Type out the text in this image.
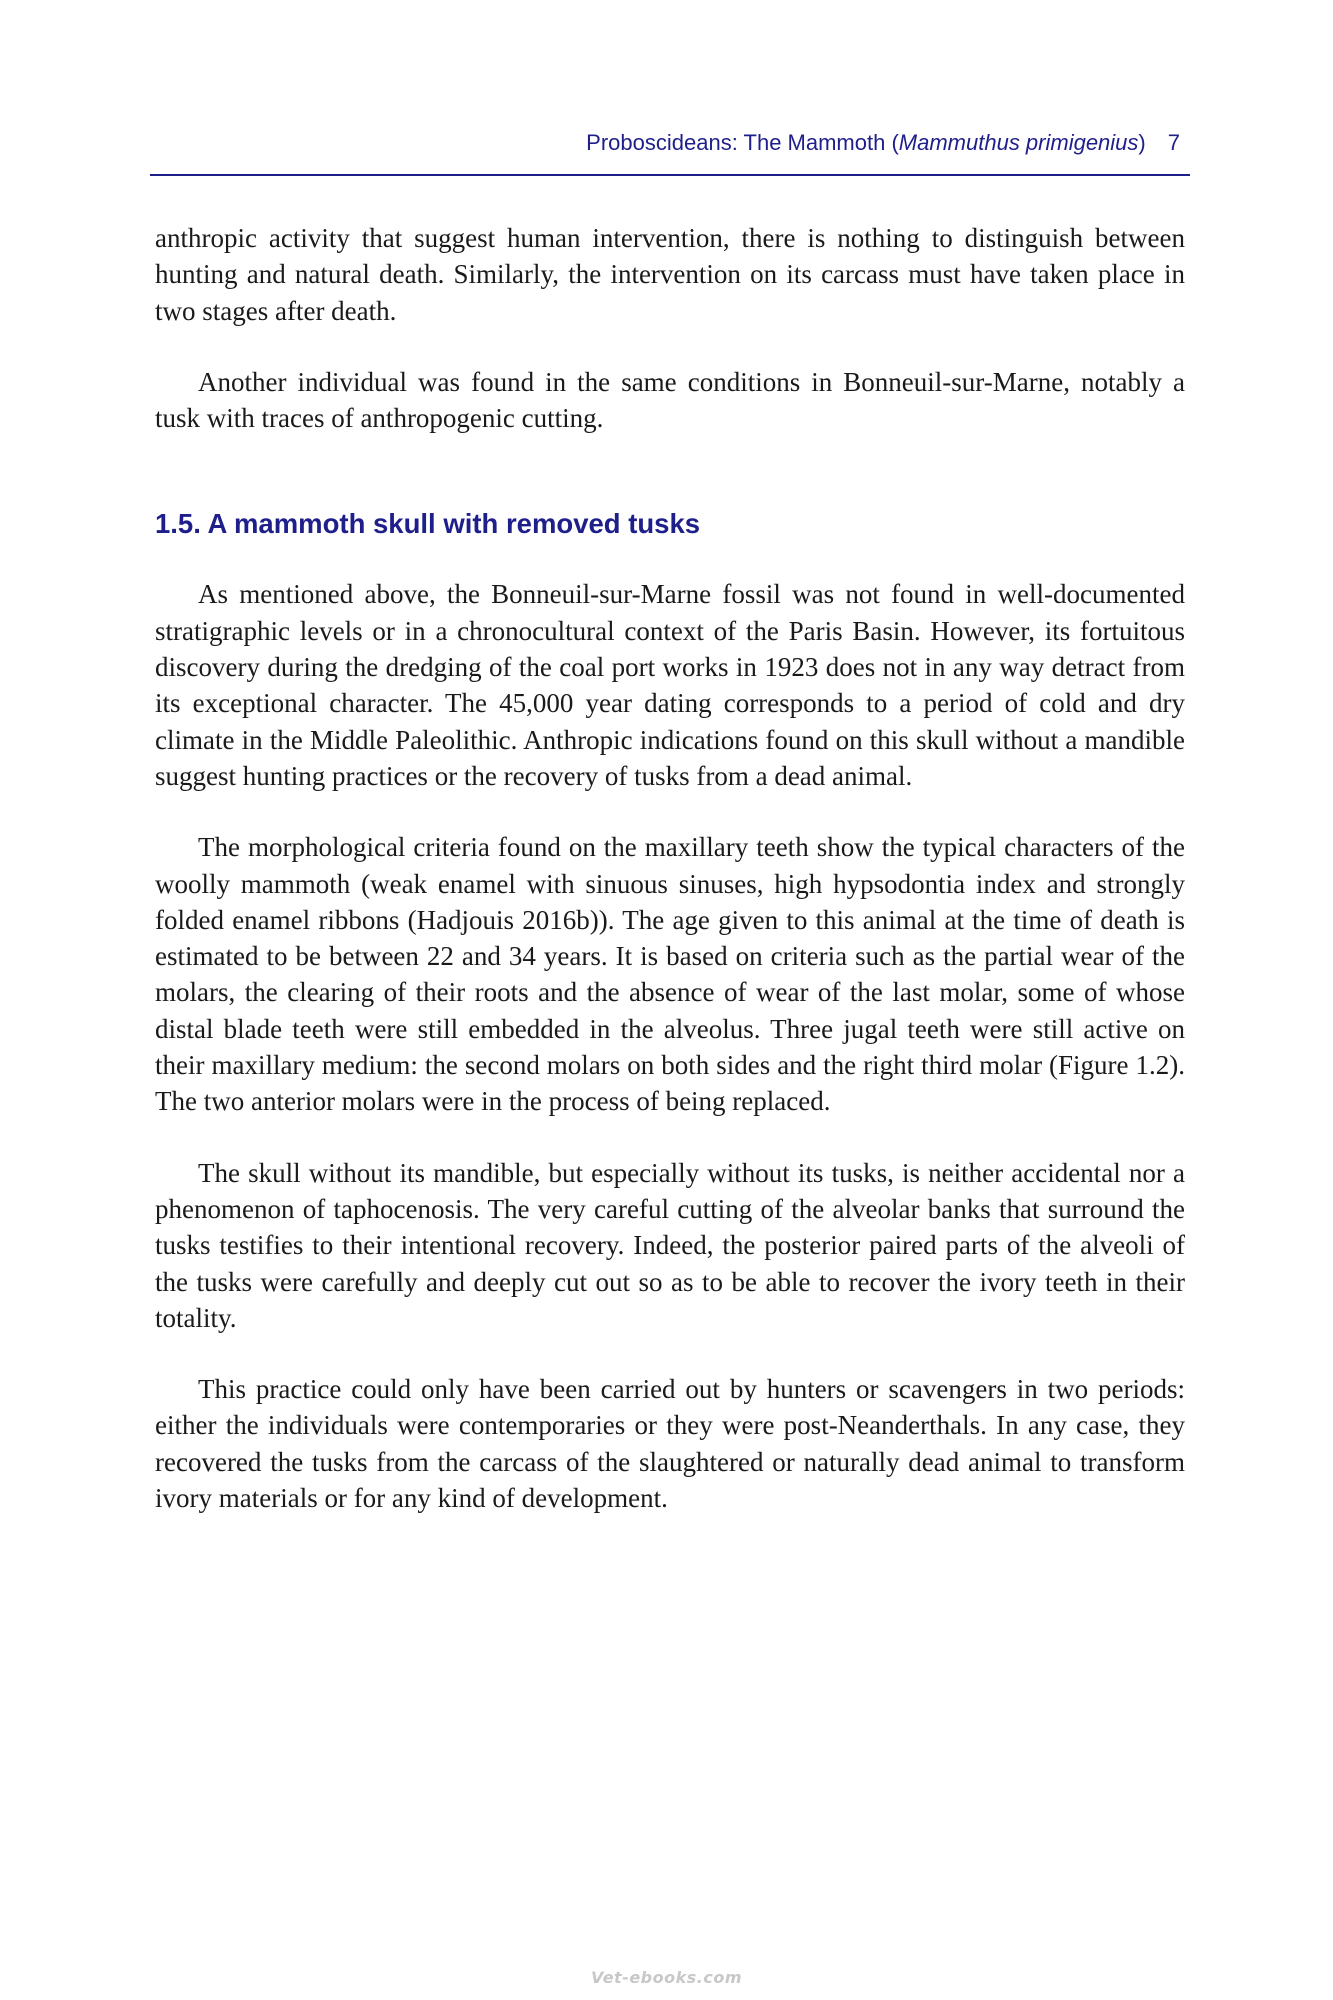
Proboscideans: The Mammoth (Mammuthus primigenius) 7

anthropic activity that suggest human intervention, there is nothing to distinguish between hunting and natural death. Similarly, the intervention on its carcass must have taken place in two stages after death.

Another individual was found in the same conditions in Bonneuil-sur-Marne, notably a tusk with traces of anthropogenic cutting.

1.5. A mammoth skull with removed tusks

As mentioned above, the Bonneuil-sur-Marne fossil was not found in well-documented stratigraphic levels or in a chronocultural context of the Paris Basin. However, its fortuitous discovery during the dredging of the coal port works in 1923 does not in any way detract from its exceptional character. The 45,000 year dating corresponds to a period of cold and dry climate in the Middle Paleolithic. Anthropic indications found on this skull without a mandible suggest hunting practices or the recovery of tusks from a dead animal.

The morphological criteria found on the maxillary teeth show the typical characters of the woolly mammoth (weak enamel with sinuous sinuses, high hypsodontia index and strongly folded enamel ribbons (Hadjouis 2016b)). The age given to this animal at the time of death is estimated to be between 22 and 34 years. It is based on criteria such as the partial wear of the molars, the clearing of their roots and the absence of wear of the last molar, some of whose distal blade teeth were still embedded in the alveolus. Three jugal teeth were still active on their maxillary medium: the second molars on both sides and the right third molar (Figure 1.2). The two anterior molars were in the process of being replaced.

The skull without its mandible, but especially without its tusks, is neither accidental nor a phenomenon of taphocenosis. The very careful cutting of the alveolar banks that surround the tusks testifies to their intentional recovery. Indeed, the posterior paired parts of the alveoli of the tusks were carefully and deeply cut out so as to be able to recover the ivory teeth in their totality.

This practice could only have been carried out by hunters or scavengers in two periods: either the individuals were contemporaries or they were post-Neanderthals. In any case, they recovered the tusks from the carcass of the slaughtered or naturally dead animal to transform ivory materials or for any kind of development.

Vet-ebooks.com
